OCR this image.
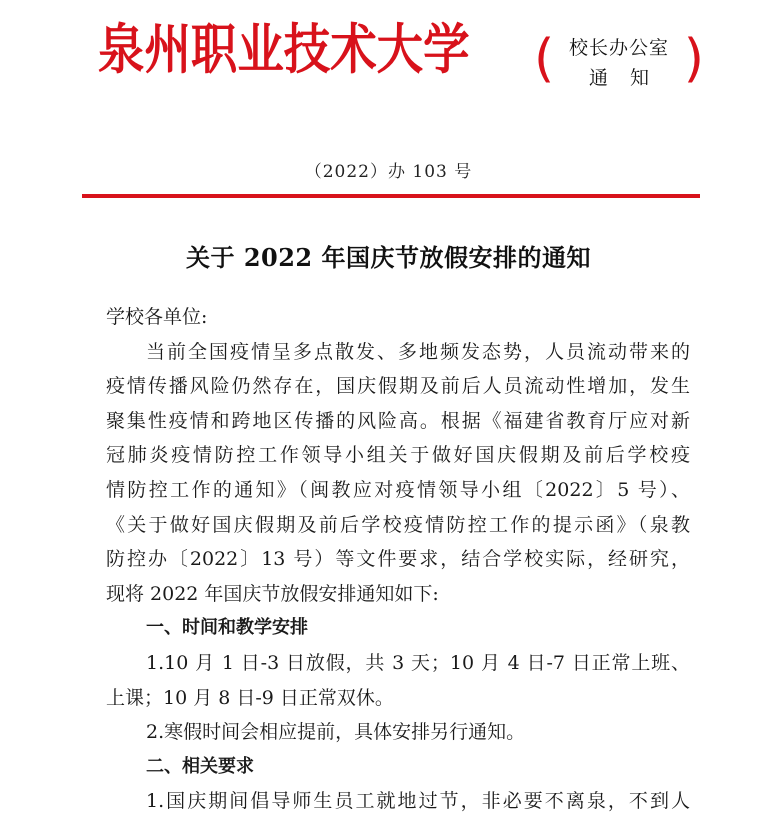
泉州职业技术大学 ( 校长办公室
通知 )
（2022）办 103 号
关于 2022 年国庆节放假安排的通知
学校各单位:
当前全国疫情呈多点散发、多地频发态势，人员流动带来的
疫情传播风险仍然存在，国庆假期及前后人员流动性增加，发生
聚集性疫情和跨地区传播的风险高。根据《福建省教育厅应对新
冠肺炎疫情防控工作领导小组关于做好国庆假期及前后学校疫
情防控工作的通知》（闽教应对疫情领导小组〔2022〕5 号）、
《关于做好国庆假期及前后学校疫情防控工作的提示函》（泉教
防控办〔2022〕13 号）等文件要求，结合学校实际，经研究，
现将 2022 年国庆节放假安排通知如下:
一、时间和教学安排
1.10 月 1 日-3 日放假，共 3 天；10 月 4 日-7 日正常上班、
上课；10 月 8 日-9 日正常双休。
2.寒假时间会相应提前，具体安排另行通知。
二、相关要求
1.国庆期间倡导师生员工就地过节，非必要不离泉，不到人
